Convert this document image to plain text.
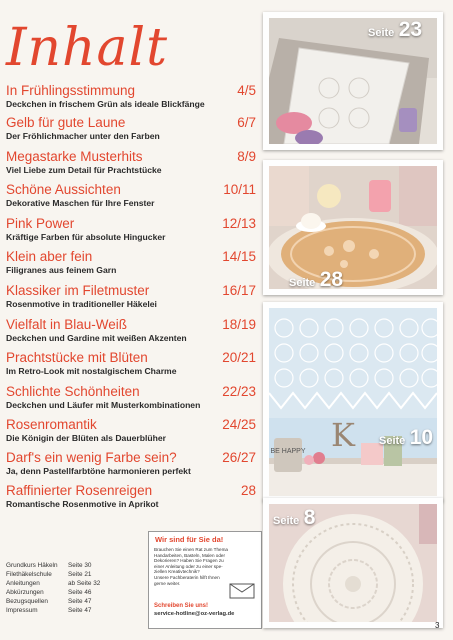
Inhalt
In Frühlingsstimmung	4/5
Deckchen in frischem Grün als ideale Blickfänge
Gelb für gute Laune	6/7
Der Fröhlichmacher unter den Farben
Megastarke Musterhits	8/9
Viel Liebe zum Detail für Prachtstücke
Schöne Aussichten	10/11
Dekorative Maschen für Ihre Fenster
Pink Power	12/13
Kräftige Farben für absolute Hingucker
Klein aber fein	14/15
Filigranes aus feinem Garn
Klassiker im Filetmuster	16/17
Rosenmotive in traditioneller Häkelei
Vielfalt in Blau-Weiß	18/19
Deckchen und Gardine mit weißen Akzenten
Prachtstücke mit Blüten	20/21
Im Retro-Look mit nostalgischem Charme
Schlichte Schönheiten	22/23
Deckchen und Läufer mit Musterkombinationen
Rosenromantik	24/25
Die Königin der Blüten als Dauerblüher
Darf's ein wenig Farbe sein?	26/27
Ja, denn Pastellfarbtöne harmonieren perfekt
Raffinierter Rosenreigen	28
Romantische Rosenmotive in Aprikot
Grundkurs Häkeln Seite 30
Filethäkelschule	Seite 21
Anleitungen	ab Seite 32
Abkürzungen	Seite 46
Bezugsquellen	Seite 47
Impressum	Seite 47
Wir sind für Sie da!
Brauchen Sie einen Rat zum Thema
Handarbeiten, Basteln, Malen oder
Dekorieren? Haben Sie Fragen zu
einer Anleitung oder zu einer spe-
ziellen Kreativtechnik?
Unsere Fachberaterin hilft Ihnen
gerne weiter.
Schreiben Sie uns!
service-hotline@oz-verlag.de
Seite 23
Seite 28
BE HAPPY K Seite 10
Seite 8
3
